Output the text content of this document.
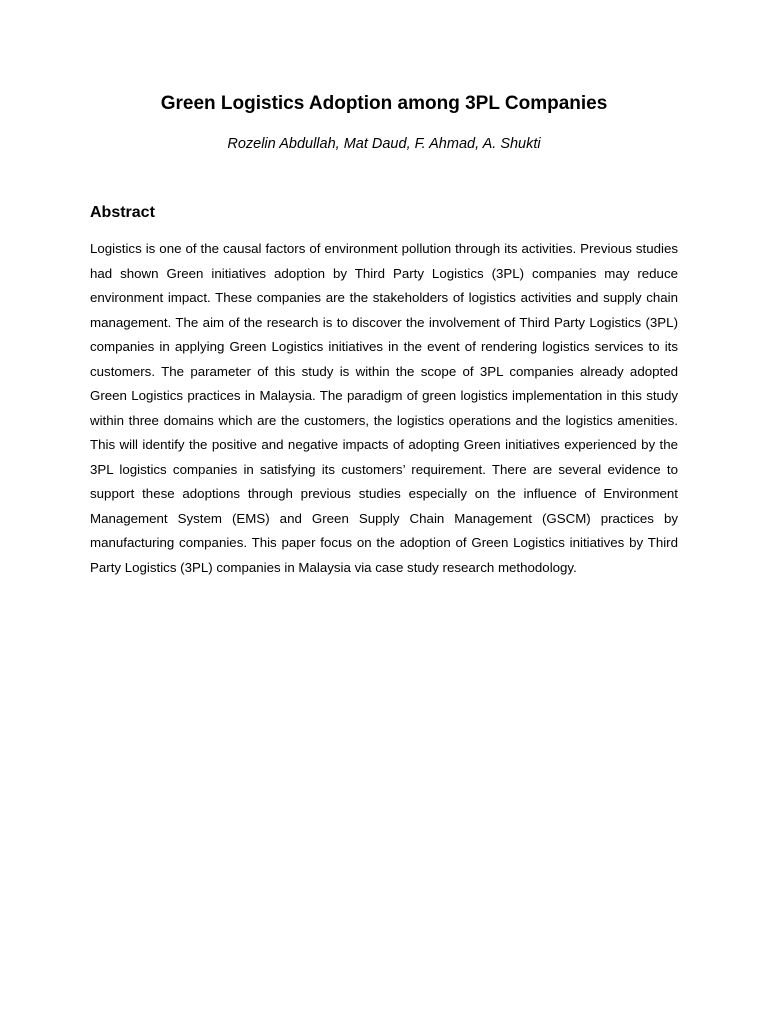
Green Logistics Adoption among 3PL Companies

Rozelin Abdullah, Mat Daud, F. Ahmad, A. Shukti

Abstract

Logistics is one of the causal factors of environment pollution through its activities. Previous studies had shown Green initiatives adoption by Third Party Logistics (3PL) companies may reduce environment impact. These companies are the stakeholders of logistics activities and supply chain management. The aim of the research is to discover the involvement of Third Party Logistics (3PL) companies in applying Green Logistics initiatives in the event of rendering logistics services to its customers. The parameter of this study is within the scope of 3PL companies already adopted Green Logistics practices in Malaysia. The paradigm of green logistics implementation in this study within three domains which are the customers, the logistics operations and the logistics amenities. This will identify the positive and negative impacts of adopting Green initiatives experienced by the 3PL logistics companies in satisfying its customers’ requirement. There are several evidence to support these adoptions through previous studies especially on the influence of Environment Management System (EMS) and Green Supply Chain Management (GSCM) practices by manufacturing companies. This paper focus on the adoption of Green Logistics initiatives by Third Party Logistics (3PL) companies in Malaysia via case study research methodology.
